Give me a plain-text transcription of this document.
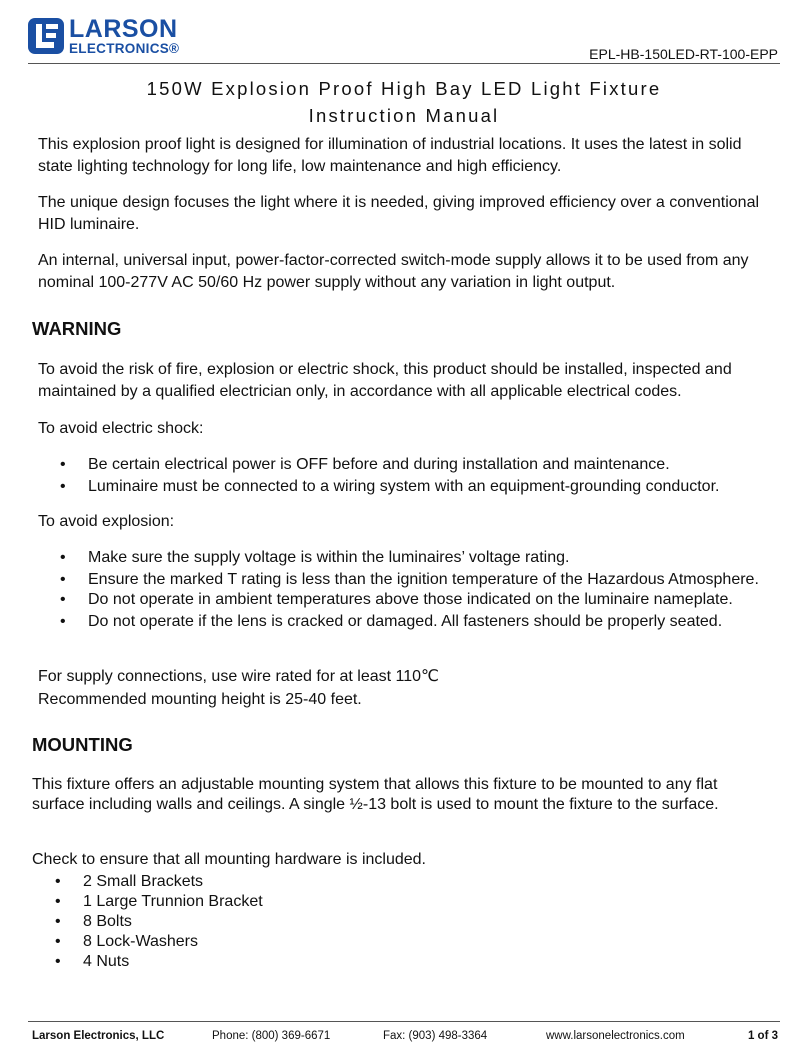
LARSON
ELECTRONICS®	EPL-HB-150LED-RT-100-EPP
150W Explosion Proof High Bay LED Light Fixture
Instruction Manual

This explosion proof light is designed for illumination of industrial locations. It uses the latest in solid state lighting technology for long life, low maintenance and high efficiency.

The unique design focuses the light where it is needed, giving improved efficiency over a conventional HID luminaire.

An internal, universal input, power-factor-corrected switch-mode supply allows it to be used from any nominal 100-277V AC 50/60 Hz power supply without any variation in light output.

WARNING

To avoid the risk of fire, explosion or electric shock, this product should be installed, inspected and maintained by a qualified electrician only, in accordance with all applicable electrical codes.

To avoid electric shock:

• Be certain electrical power is OFF before and during installation and maintenance.
• Luminaire must be connected to a wiring system with an equipment-grounding conductor.

To avoid explosion:

• Make sure the supply voltage is within the luminaires’ voltage rating.
• Ensure the marked T rating is less than the ignition temperature of the Hazardous Atmosphere.
• Do not operate in ambient temperatures above those indicated on the luminaire nameplate.
• Do not operate if the lens is cracked or damaged. All fasteners should be properly seated.

For supply connections, use wire rated for at least 110℃

Recommended mounting height is 25-40 feet.

MOUNTING

This fixture offers an adjustable mounting system that allows this fixture to be mounted to any flat surface including walls and ceilings. A single ½-13 bolt is used to mount the fixture to the surface.

Check to ensure that all mounting hardware is included.

• 2 Small Brackets
• 1 Large Trunnion Bracket
• 8 Bolts
• 8 Lock-Washers
• 4 Nuts
Larson Electronics, LLC	Phone: (800) 369-6671	Fax: (903) 498-3364	www.larsonelectronics.com	1 of 3
